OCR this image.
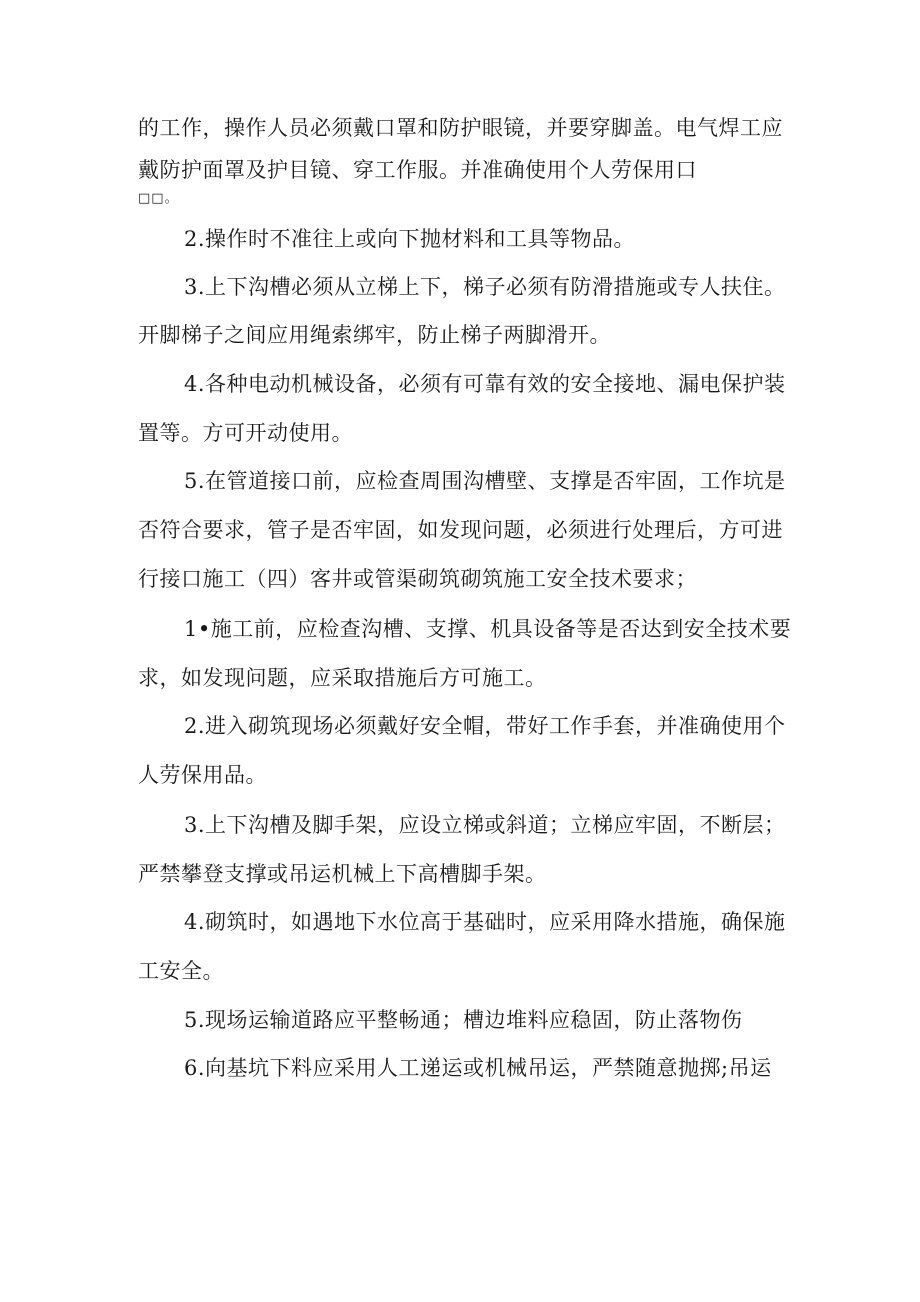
的工作，操作人员必须戴口罩和防护眼镜，并要穿脚盖。电气焊工应
戴防护面罩及护目镜、穿工作服。并准确使用个人劳保用口
□□。
2.操作时不准往上或向下抛材料和工具等物品。
3.上下沟槽必须从立梯上下，梯子必须有防滑措施或专人扶住。
开脚梯子之间应用绳索绑牢，防止梯子两脚滑开。
4.各种电动机械设备，必须有可靠有效的安全接地、漏电保护装
置等。方可开动使用。
5.在管道接口前，应检查周围沟槽壁、支撑是否牢固，工作坑是
否符合要求，管子是否牢固，如发现问题，必须进行处理后，方可进
行接口施工（四）客井或管渠砌筑砌筑施工安全技术要求；
1•施工前，应检查沟槽、支撑、机具设备等是否达到安全技术要
求，如发现问题，应采取措施后方可施工。
2.进入砌筑现场必须戴好安全帽，带好工作手套，并准确使用个
人劳保用品。
3.上下沟槽及脚手架，应设立梯或斜道；立梯应牢固，不断层；
严禁攀登支撑或吊运机械上下高槽脚手架。
4.砌筑时，如遇地下水位高于基础时，应采用降水措施，确保施
工安全。
5.现场运输道路应平整畅通；槽边堆料应稳固，防止落物伤
6.向基坑下料应采用人工递运或机械吊运，严禁随意抛掷;吊运
